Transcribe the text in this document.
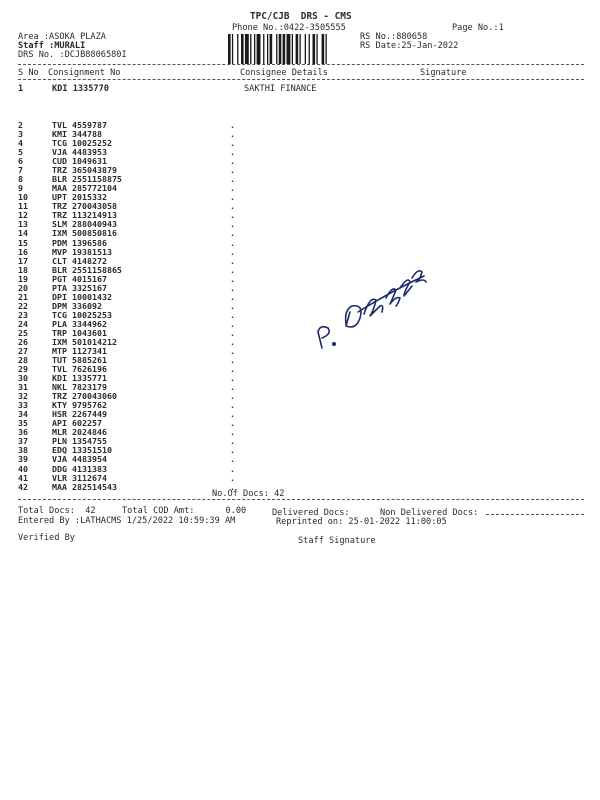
TPC/CJB  DRS - CMS
Phone No.:0422-3505555	Page No.:1
Area :ASOKA PLAZA
Staff :MURALI
DRS No. :DCJB8806580I
RS No.:880658
RS Date:25-Jan-2022
S No Consignment No	Consignee Details	Signature
1	KDI 1335770	SAKTHI FINANCE
2	TVL 4559787	.
3	KMI 344788	.
4	TCG 10025252	.
5	VJA 4483953	.
6	CUD 1049631	.
7	TRZ 365043879	.
8	BLR 2551158875	.
9	MAA 285772104	.
10	UPT 2015332	.
11	TRZ 270043058	.
12	TRZ 113214913	.
13	SLM 288040943	.
14	IXM 500850816	.
15	PDM 1396586	.
16	MVP 19381513	.
17	CLT 4148272	.
18	BLR 2551158865	.
19	PGT 4015167	.
20	PTA 3325167	.
21	DPI 10001432	.
22	DPM 336092	.
23	TCG 10025253	.
24	PLA 3344962	.
25	TRP 1043601	.
26	IXM 501014212	.
27	MTP 1127341	.
28	TUT 5885261	.
29	TVL 7626196	.
30	KDI 1335771	.
31	NKL 7823179	.
32	TRZ 270043060	.
33	KTY 9795762	.
34	HSR 2267449	.
35	API 602257	.
36	MLR 2024846	.
37	PLN 1354755	.
38	EDQ 13351510	.
39	VJA 4483954	.
40	DDG 4131383	.
41	VLR 3112674	.
42	MAA 282514543	.
No.Of Docs: 42
Total Docs:  42	Total COD Amt:      0.00	Delivered Docs:	Non Delivered Docs:
Entered By :LATHACMS 1/25/2022 10:59:39 AM	Reprinted on: 25-01-2022 11:00:05
Verified By	Staff Signature
